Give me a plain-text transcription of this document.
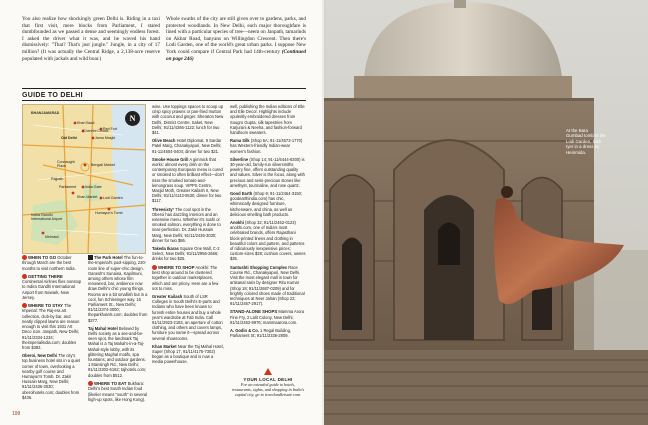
You also realize how shockingly green Delhi is. Riding in a taxi that first visit, mere blocks from Parliament, I stared dumbfounded as we passed a dense and seemingly endless forest. I asked the driver what it was, and he waved his hand dismissively: "That? That's just jungle." Jungle, in a city of 17 million? (It was actually the Central Ridge, a 2,138-acre reserve populated with jackals and wild boar.)
Whole swaths of the city are still given over to gardens, parks, and protected woodlands. In New Delhi, each major thoroughfare is lined with a particular species of tree—neem on Janpath, tamarinds on Akbar Road, banyans on Willingdon Crescent. Then there's Lodi Garden, one of the world's great urban parks. I suppose New York could compare if Central Park had 14th-century (Continued on page 246)
GUIDE TO DELHI
N
BHANJAMARAD
Khari Baoli
Chandni Chowk
Old Delhi
Red Fort
Jama Masjid
Connaught Place	Bengali Market
Rajpath
Parliament India Gate
Khan Market Lodi Garden
Humayun's Tomb
Indira Gandhi International Airport
Mehrauli

WHEN TO GO October through March are the best months to visit northern India.

GETTING THERE Continental Airlines flies nonstop to Indira Gandhi International Airport from Newark, New Jersey.

WHERE TO STAY The Imperial: The Raj-era art collection, club-by bar, and neatly clipped lawns are reason enough to visit this 1931 Art Deco icon. Janpath, New Delhi; 91/11/2334-1234; theimperialindia.com; doubles from $392.

Oberoi, New Delhi The city's top business hotel sits in a quiet corner of town, overlooking a nearby golf course and Humayun's Tomb. Dr. Zakir Hussain Marg, New Delhi; 91/11/2436-3030; oberoihotels.com; doubles from $436.

The Park Hotel The fun-to-the-Imperial's pool-sipping, 220-room line of super-chic design. Ganesh's Sunaina, Kapilmuni, among others whose film renowned, bar, ambience now draw Delhi's chic young things. Rooms are a bit smallish but in a cool, fun Schlesinger way. 15 Parliament St., New Delhi; 91/11/2374-3000; theparkhotels.com; doubles from $377.

Taj Mahal Hotel Beloved by Delhi society as a see-and-be-seen spot, the landmark Taj Mahal is a Taj Mahal's-in-a-Taj-Mahal-style lobby, with its glittering Mughal motifs, spa fountains, and outdoor gardens. 1 Mansingh Rd., New Delhi; 91/11/2302-6162; tajhotels.com; doubles from $512.

WHERE TO EAT Bukhara: Delhi's best South Indian food (likelier means "south" in several high-up spots, like Hong Kong).

wine. Use toppings spaces to scoop up crisp spicy prawns or pan-fried mutton with coconut and ginger. Sheraton New Delhi, District Centre, Saket, New Delhi; 91/11/4266-1122; lunch for two $41.

Olive Beach Hotel Diplomat, 9 Sardar Patel Marg, Chanakyapuri, New Delhi; 91-11/4604-0404; dinner for two $21.

Smoke House Grill A gimmick that works: almost every dish on the contemporary European menu is cured or smoked to often brilliant effect—don't miss the smoked tomato-and-lemongrass soup. VIPPS Centre, Masjid Moth, Greater Kailash II, New Delhi; 91/11/4143-5530; dinner for two $117.

Threesixty° The cool spot in the Oberoi has dazzling interiors and an extensive menu. Whether it's sushi or smoked salmon, everything is done to near-perfection. Dr. Zakir Hussain Marg, New Delhi; 91/11/2436-3030; dinner for two $86.

Takeda Ikaras Square One Mall, C-2 Select, New Delhi; 91/11/2956-2666; drinks for two $25.

WHERE TO SHOP Anokhi: The best shop around to be clustered together in outdoor marketplaces, which and are pricey. Here are a few not to miss.

Greater Kailash South of LSR Colleges in South Delhi's E-parts and Indians who have been known to furnish entire houses and buy a whole year's wardrobe at Fab India. Call 91/11/2923-2183, an aperture of cotton clothing, and others and covers lamps, furniture you name it—spread across several showrooms.

Khan Market Near the Taj Mahal Hotel, Super (Shop 17, 91/11/4175-7302) began as a boutique and is now a media powerhouse.

well, publishing the Indian editions of Elle and Elle Decor. Highlights include opulently embroidered dresses from Sougro Gupta, silk tapestries from Karjurani & Neeha, and fashion-forward handloom sweaters.

Rama Silk (Shop 5A; 91-11/4573-1770) has Western-friendly Indian-wear women's fashion.

Silverline (Shop 14; 91-11/6444-8300) is 30-year-old, family-run silversmiths jewelry fine, offers outstanding quality and values. Silver is the focus, along with precious and semi-precious stones like amethyst, tourmaline, and rose quartz.

Good Earth (Shop 9; 91-11/2464-3150; goodearthindia.com) has chic, whimsically designed furniture, kitchenware, and china, as well as delicious smelling bath products.

Anokhi (Shop 32; 91/11/2462-0123) anokhi.com, one of India's most celebrated brands, offers Rajasthani block-printed linens and clothing in beautiful colors and pattern, and patterns of ridiculously inexpensive prices; custom-sizes $38; cushion covers, ownes $35.

Santushti Shopping Complex Race Course Rd., Chanakyapuri, New Delhi. Visit the most elegant mall in town for artisanal saris by designer Ritu Kumar (Shop 18; 91/11/2687-0209) and for brightly colored shoes made of traditional techniques at Neer Jahan (Shop 22; 91/11/2467-2917).

STAND-ALONE SHOPS Mamma Arora Fine Fry, 2 Lalit Colony, New Delhi; 91/11/2462-9976; mammaarora.com.

A. Godin & Co. 1 Regal Building, Parliament St; 91/11/2336-2809.

YOUR LOCAL DELHI
For an extended guide to hotels, restaurants, sights, and shopping in India's capital city, go to travelandleisure.com.
199
At the Bara Gumbad tomb in the Lodi Garden, Sikh Iyer in a dress by Hemmida.
